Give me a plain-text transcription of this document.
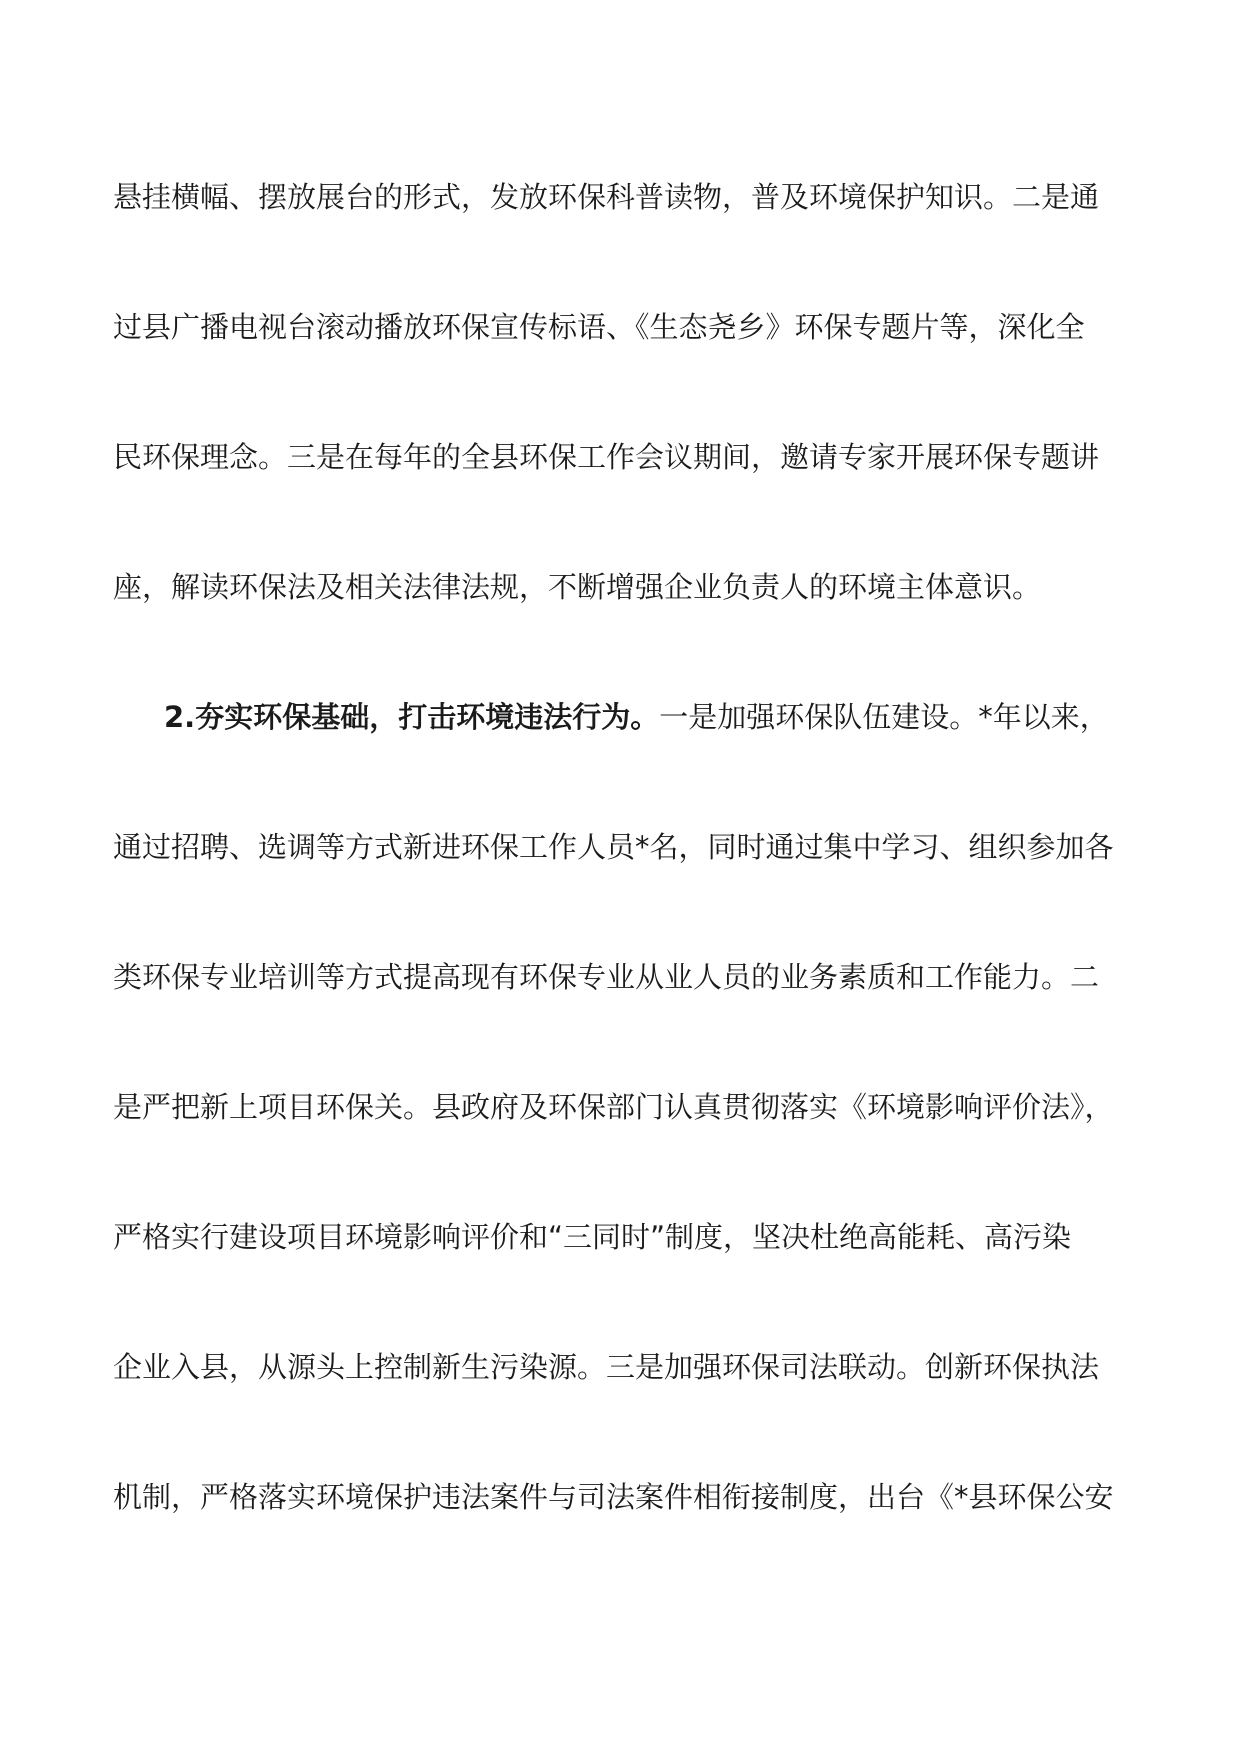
悬挂横幅、摆放展台的形式，发放环保科普读物，普及环境保护知识。二是通
过县广播电视台滚动播放环保宣传标语、《生态尧乡》环保专题片等，深化全
民环保理念。三是在每年的全县环保工作会议期间，邀请专家开展环保专题讲
座，解读环保法及相关法律法规，不断增强企业负责人的环境主体意识。
2.夯实环保基础，打击环境违法行为。一是加强环保队伍建设。*年以来，
通过招聘、选调等方式新进环保工作人员*名，同时通过集中学习、组织参加各
类环保专业培训等方式提高现有环保专业从业人员的业务素质和工作能力。二
是严把新上项目环保关。县政府及环保部门认真贯彻落实《环境影响评价法》，
严格实行建设项目环境影响评价和“三同时”制度，坚决杜绝高能耗、高污染
企业入县，从源头上控制新生污染源。三是加强环保司法联动。创新环保执法
机制，严格落实环境保护违法案件与司法案件相衔接制度，出台《*县环保公安
